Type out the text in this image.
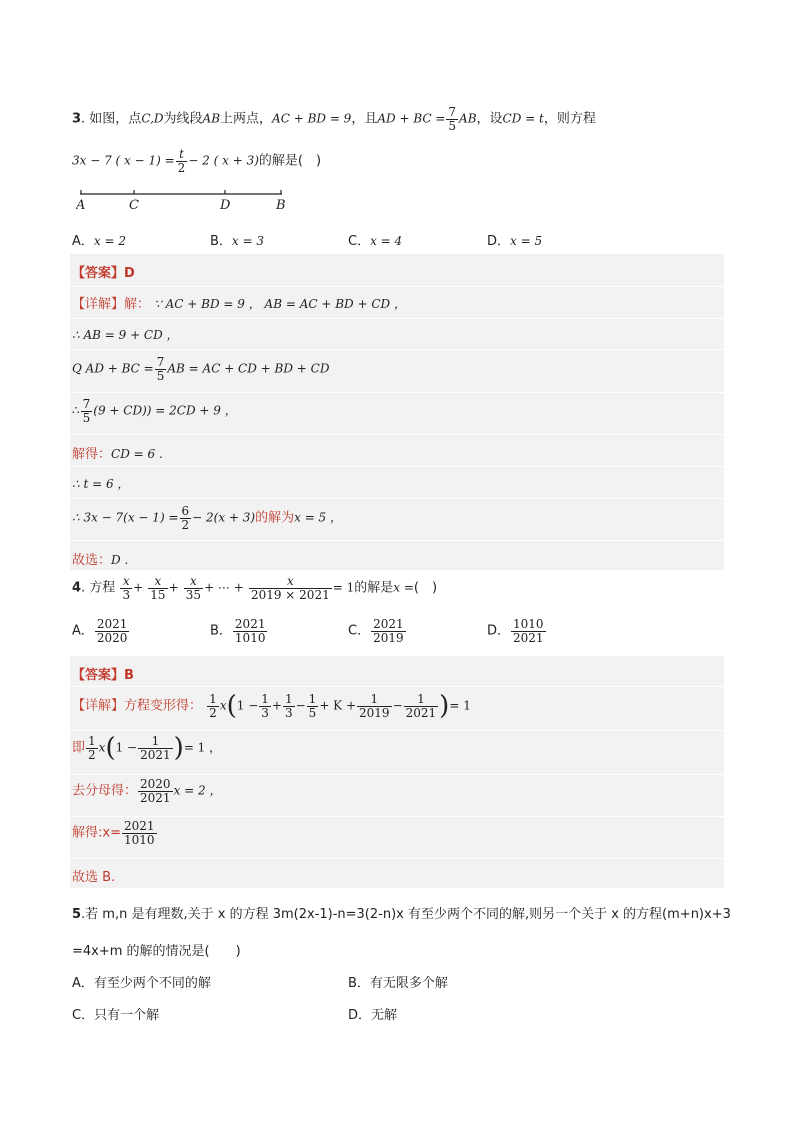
3. 如图，点C,D为线段AB上两点，AC + BD = 9，且AD + BC = $\frac{7}{5}$ AB，设CD = t，则方程
3x − 7 ( $x - 1) = \frac{t}{2} - 2$ ( x + 3)的解是(　)
A	C	D	B
A．x = 2	B．x = 3	C．x = 4	D．x = 5
【答案】D
【详解】解： ∵ AC + BD = 9 ， AB = AC + BD + CD ，
∴ AB = 9 + CD ，
Q AD + BC = $\frac{7}{5}$ AB = AC + CD + BD + CD
∴ $\frac{7}{5} (9 + CD)) = 2CD + 9$ ，
解得：CD = 6 .
∴ t = 6 ，
∴ $3x - 7(x - 1) = \frac{6}{2} - 2(x + 3)$的解为x = 5 ，
故选：D .
4. 方程 $\frac{x}{3} + \frac{x}{15} + \frac{x}{35}$ + ⋯ + $\frac{x}{2019 \times 2021} = 1$的解是x =(　)
A． $\frac{2021}{2020}$	B． $\frac{2021}{1010}$	C． $\frac{2021}{2019}$	D． $\frac{1010}{2021}$
【答案】B
【详解】方程变形得： $\frac{1}{2} x(1 - \frac{1}{3} + \frac{1}{3} - \frac{1}{5} + K + \frac{1}{2019} - \frac{1}{2021}$ )= 1
即 $\frac{1}{2} x(1 - \frac{1}{2021}$ )= 1 ，
去分母得： $\frac{2020}{2021}$ x = 2 ，
解得:x= $\frac{2021}{1010}$
故选 B.
5.若 m,n 是有理数,关于 x 的方程 3m(2x-1)-n=3(2-n)x 有至少两个不同的解,则另一个关于 x 的方程(m+n)x+3
=4x+m 的解的情况是(　　)
A．有至少两个不同的解	B．有无限多个解
C．只有一个解	D．无解
